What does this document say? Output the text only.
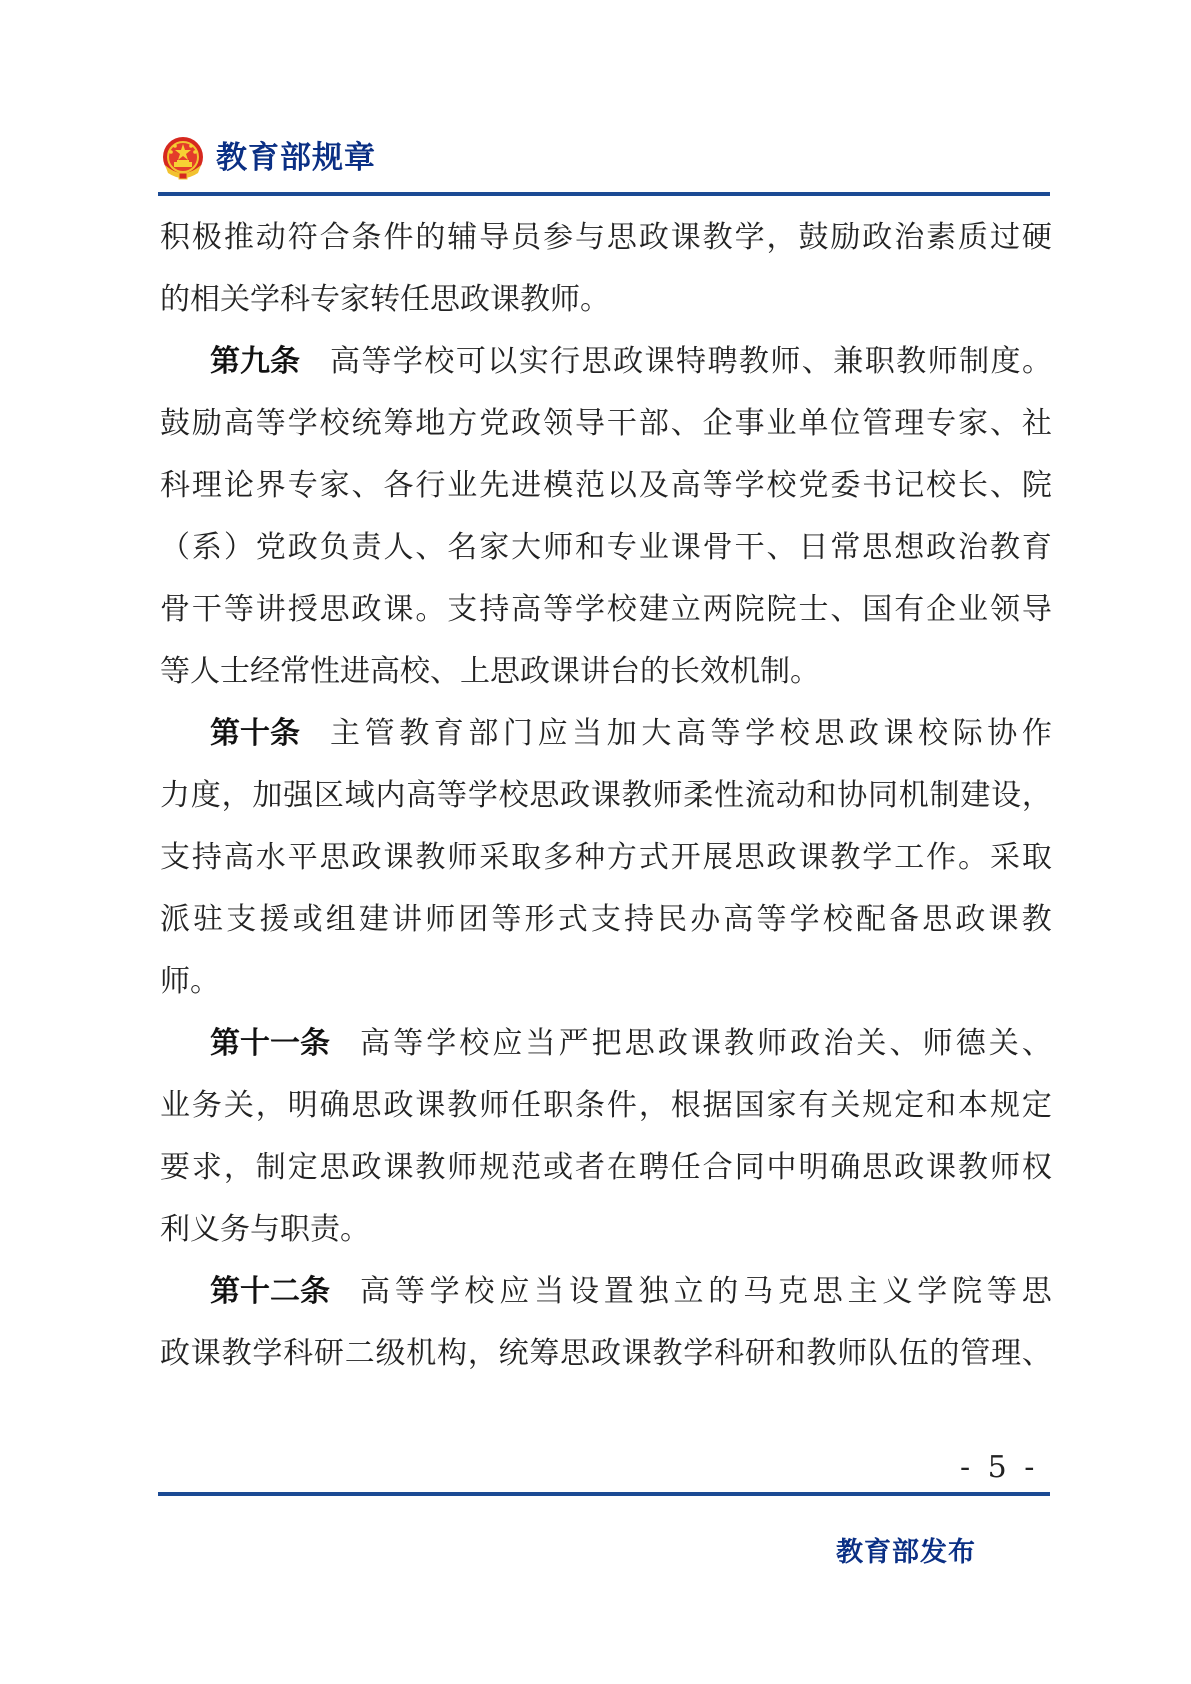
教育部规章
积 极 推 动 符 合 条 件 的 辅 导 员 参 与 思 政 课 教 学 ， 鼓 励 政 治 素 质 过 硬
的相关学科专家转任思政课教师。
第九条 高 等 学 校 可 以 实 行 思 政 课 特 聘 教 师 、 兼 职 教 师 制 度 。
鼓 励 高 等 学 校 统 筹 地 方 党 政 领 导 干 部 、 企 事 业 单 位 管 理 专 家 、 社
科 理 论 界 专 家 、 各 行 业 先 进 模 范 以 及 高 等 学 校 党 委 书 记 校 长 、 院
（ 系 ） 党 政 负 责 人 、 名 家 大 师 和 专 业 课 骨 干 、 日 常 思 想 政 治 教 育
骨 干 等 讲 授 思 政 课 。 支 持 高 等 学 校 建 立 两 院 院 士 、 国 有 企 业 领 导
等人士经常性进高校、上思政课讲台的长效机制。
第十条 主 管 教 育 部 门 应 当 加 大 高 等 学 校 思 政 课 校 际 协 作
力 度 ， 加 强 区 域 内 高 等 学 校 思 政 课 教 师 柔 性 流 动 和 协 同 机 制 建 设 ，
支 持 高 水 平 思 政 课 教 师 采 取 多 种 方 式 开 展 思 政 课 教 学 工 作 。 采 取
派 驻 支 援 或 组 建 讲 师 团 等 形 式 支 持 民 办 高 等 学 校 配 备 思 政 课 教
师。
第十一条 高 等 学 校 应 当 严 把 思 政 课 教 师 政 治 关 、 师 德 关 、
业 务 关 ， 明 确 思 政 课 教 师 任 职 条 件 ， 根 据 国 家 有 关 规 定 和 本 规 定
要 求 ， 制 定 思 政 课 教 师 规 范 或 者 在 聘 任 合 同 中 明 确 思 政 课 教 师 权
利义务与职责。
第十二条 高 等 学 校 应 当 设 置 独 立 的 马 克 思 主 义 学 院 等 思
政 课 教 学 科 研 二 级 机 构 ， 统 筹 思 政 课 教 学 科 研 和 教 师 队 伍 的 管 理 、
- 5 -
教育部发布
